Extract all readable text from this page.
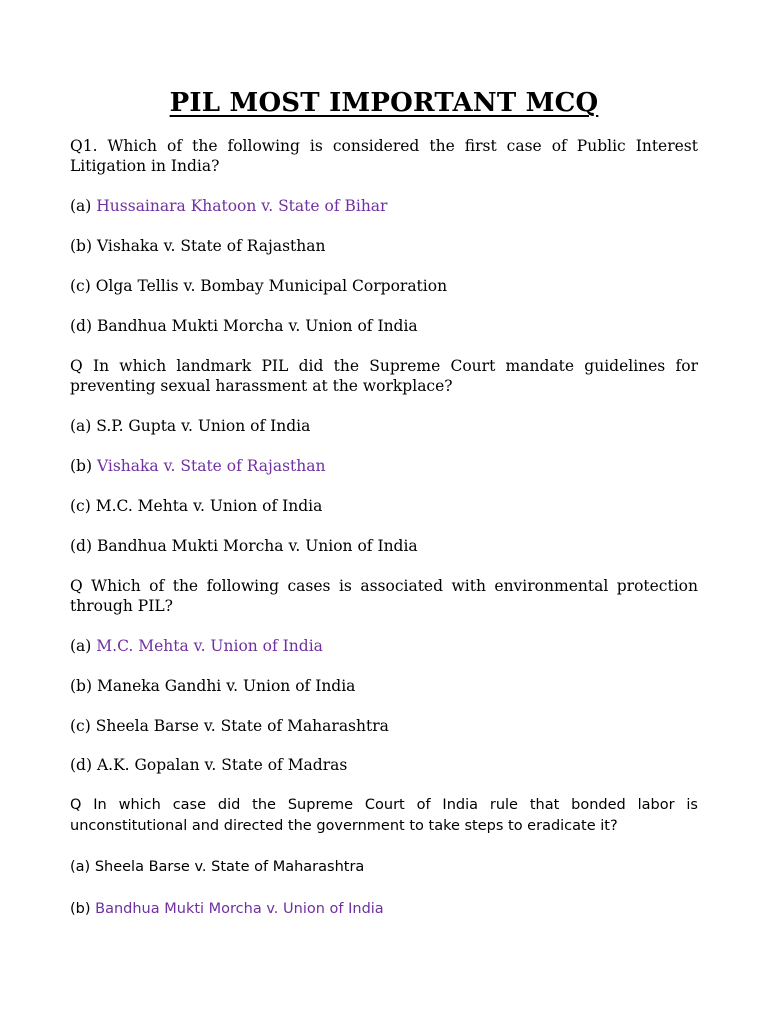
PIL MOST IMPORTANT MCQ
Q1. Which of the following is considered the first case of Public Interest Litigation in India?
(a) Hussainara Khatoon v. State of Bihar
(b) Vishaka v. State of Rajasthan
(c) Olga Tellis v. Bombay Municipal Corporation
(d) Bandhua Mukti Morcha v. Union of India
Q In which landmark PIL did the Supreme Court mandate guidelines for preventing sexual harassment at the workplace?
(a) S.P. Gupta v. Union of India
(b) Vishaka v. State of Rajasthan
(c) M.C. Mehta v. Union of India
(d) Bandhua Mukti Morcha v. Union of India
Q Which of the following cases is associated with environmental protection through PIL?
(a) M.C. Mehta v. Union of India
(b) Maneka Gandhi v. Union of India
(c) Sheela Barse v. State of Maharashtra
(d) A.K. Gopalan v. State of Madras
Q In which case did the Supreme Court of India rule that bonded labor is unconstitutional and directed the government to take steps to eradicate it?
(a) Sheela Barse v. State of Maharashtra
(b) Bandhua Mukti Morcha v. Union of India
